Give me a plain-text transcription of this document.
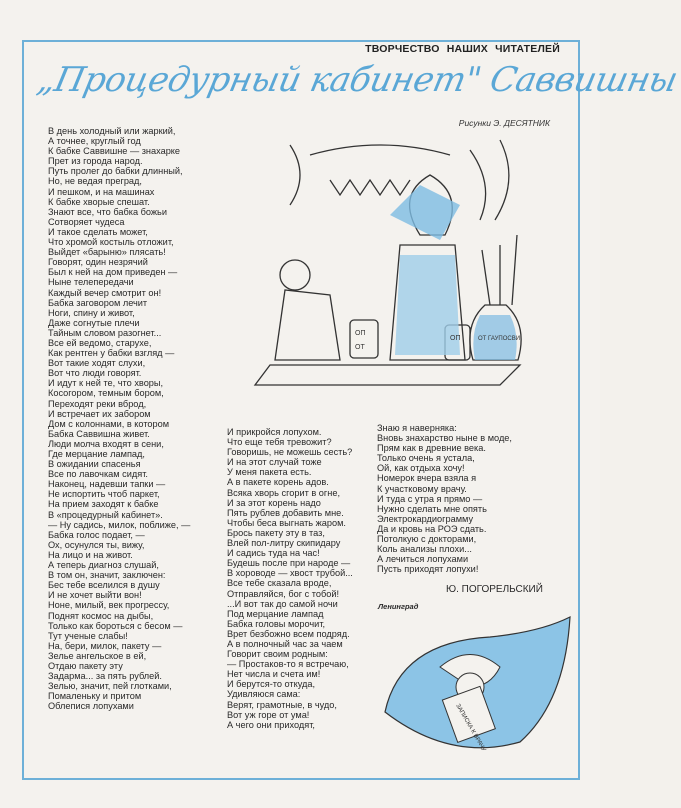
ТВОРЧЕСТВО НАШИХ ЧИТАТЕЛЕЙ
„Процедурный кабинет" Саввишны
Рисунки Э. ДЕСЯТНИК
ОП
ОТ
ОП	ОТ ГАУПОСВИ
В день холодный или жаркий,
А точнее, круглый год
К бабке Саввишне — знахарке
Прет из города народ.
Путь пролег до бабки длинный,
Но, не ведая преград,
И пешком, и на машинах
К бабке хворые спешат.
Знают все, что бабка божьи
Сотворяет чудеса
И такое сделать может,
Что хромой костыль отложит,
Выйдет «барыню» плясать!
Говорят, один незрячий
Был к ней на дом приведен —
Ныне телепередачи
Каждый вечер смотрит он!
Бабка заговором лечит
Ноги, спину и живот,
Даже согнутые плечи
Тайным словом разогнет...
Все ей ведомо, старухе,
Как рентген у бабки взгляд —
Вот такие ходят слухи,
Вот что люди говорят.
И идут к ней те, что хворы,
Косогором, темным бором,
Переходят реки вброд,
И встречает их забором
Дом с колоннами, в котором
Бабка Саввишна живет.
Люди молча входят в сени,
Где мерцание лампад,
В ожидании спасенья
Все по лавочкам сидят.
Наконец, надевши тапки —
Не испортить чтоб паркет,
На прием заходят к бабке
В «процедурный кабинет».
— Ну садись, милок, поближе, —
Бабка голос подает, —
Ох, осунулся ты, вижу,
На лицо и на живот.
А теперь диагноз слушай,
В том он, значит, заключен:
Бес тебе вселился в душу
И не хочет выйти вон!
Ноне, милый, век прогрессу,
Поднят космос на дыбы,
Только как бороться с бесом —
Тут ученые слабы!
На, бери, милок, пакету —
Зелье ангельское в ей,
Отдаю пакету эту
Задарма... за пять рублей.
Зелью, значит, пей глотками,
Помаленьку и притом
Облепися лопухами
И прикройся лопухом.
Что еще тебя тревожит?
Говоришь, не можешь сесть?
И на этот случай тоже
У меня пакета есть.
А в пакете корень адов.
Всяка хворь сгорит в огне,
И за этот корень надо
Пять рублев добавить мне.
Чтобы беса выгнать жаром.
Брось пакету эту в таз,
Влей пол-литру скипидару
И садись туда на час!
Будешь после при народе —
В хороводе — хвост трубой...
Все тебе сказала вроде,
Отправляйся, бог с тобой!
...И вот так до самой ночи
Под мерцание лампад
Бабка головы морочит,
Врет безбожно всем подряд.
А в полночный час за чаем
Говорит своим родным:
— Простаков-то я встречаю,
Нет числа и счета им!
И берутся-то откуда,
Удивляюся сама:
Верят, грамотные, в чудо,
Вот уж горе от ума!
А чего они приходят,
Знаю я наверняка:
Вновь знахарство ныне в моде,
Прям как в древние века.
Только очень я устала,
Ой, как отдыха хочу!
Номерок вчера взяла я
К участковому врачу.
И туда с утра я прямо —
Нужно сделать мне опять
Электрокардиограмму
Да и кровь на РОЭ сдать.
Потолкую с докторами,
Коль анализы плохи...
А лечиться лопухами
Пусть приходят лопухи!
Ю. ПОГОРЕЛЬСКИЙ
Ленинград
ЗАПИСКА К ВРАЧУ
